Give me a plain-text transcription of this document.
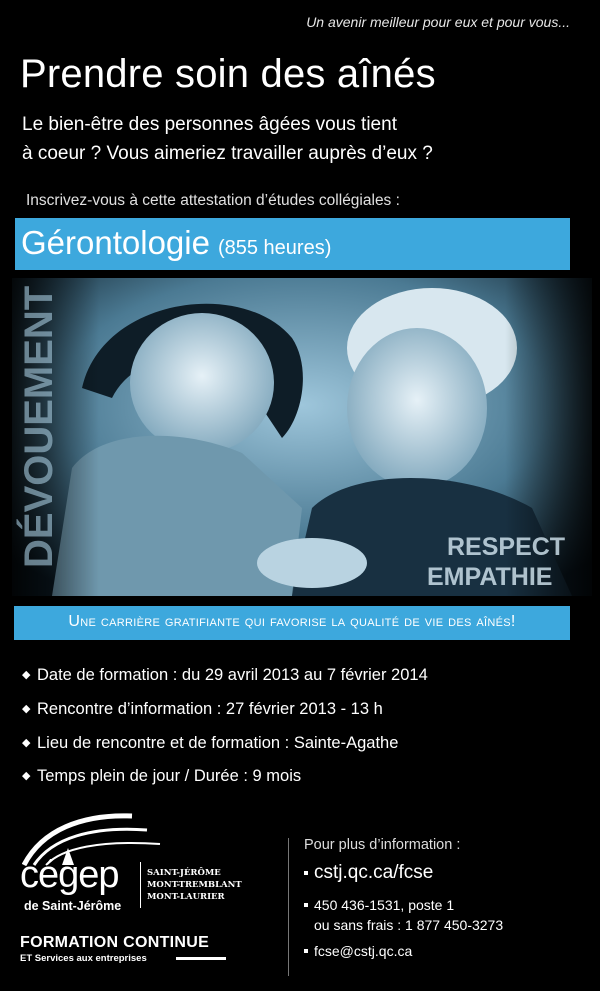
Un avenir meilleur pour eux et pour vous...
Prendre soin des aînés
Le bien-être des personnes âgées vous tient
à coeur ? Vous aimeriez travailler auprès d’eux ?
Inscrivez-vous à cette attestation d’études collégiales :
Gérontologie (855 heures)
DÉVOUEMENT	RESPECT
EMPATHIE
Une carrière gratifiante qui favorise la qualité de vie des aînés!
◆ Date de formation : du 29 avril 2013 au 7 février 2014
◆ Rencontre d’information : 27 février 2013 - 13 h
◆ Lieu de rencontre et de formation : Sainte-Agathe
◆ Temps plein de jour / Durée : 9 mois
cégep
de Saint-Jérôme
SAINT-JÉRÔME
MONT-TREMBLANT
MONT-LAURIER
FORMATION CONTINUE
ET Services aux entreprises
Pour plus d’information :
cstj.qc.ca/fcse
450 436-1531, poste 1
ou sans frais : 1 877 450-3273
fcse@cstj.qc.ca
